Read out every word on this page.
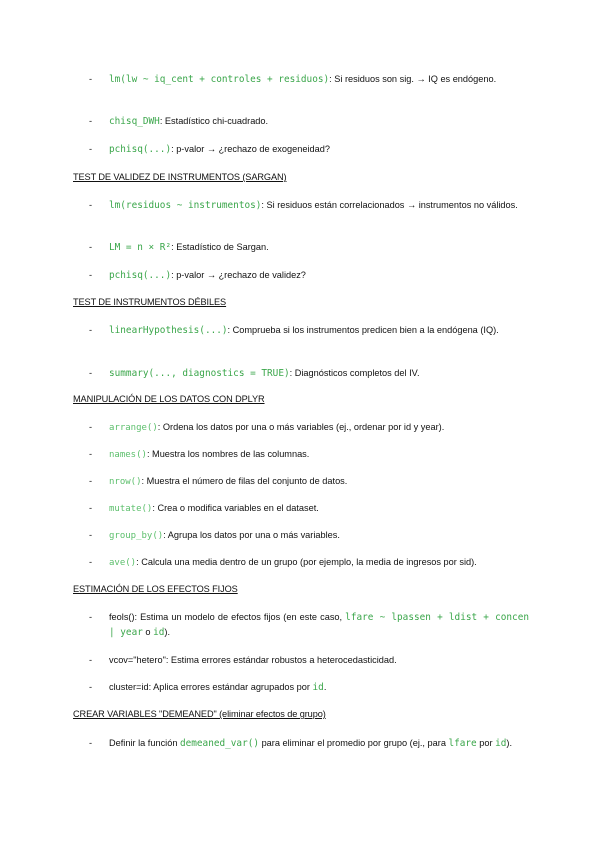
- lm(lw ~ iq_cent + controles + residuos): Si residuos son sig. → IQ es endógeno.
- chisq_DWH: Estadístico chi-cuadrado.
- pchisq(...): p-valor → ¿rechazo de exogeneidad?
TEST DE VALIDEZ DE INSTRUMENTOS (SARGAN)
- lm(residuos ~ instrumentos): Si residuos están correlacionados → instrumentos no válidos.
- LM = n × R²: Estadístico de Sargan.
- pchisq(...): p-valor → ¿rechazo de validez?
TEST DE INSTRUMENTOS DÉBILES
- linearHypothesis(...): Comprueba si los instrumentos predicen bien a la endógena (IQ).
- summary(..., diagnostics = TRUE): Diagnósticos completos del IV.
MANIPULACIÓN DE LOS DATOS CON DPLYR
- arrange(): Ordena los datos por una o más variables (ej., ordenar por id y year).
- names(): Muestra los nombres de las columnas.
- nrow(): Muestra el número de filas del conjunto de datos.
- mutate(): Crea o modifica variables en el dataset.
- group_by(): Agrupa los datos por una o más variables.
- ave(): Calcula una media dentro de un grupo (por ejemplo, la media de ingresos por sid).
ESTIMACIÓN DE LOS EFECTOS FIJOS
- feols(): Estima un modelo de efectos fijos (en este caso, lfare ~ lpassen + ldist + concen | year o id).
- vcov="hetero": Estima errores estándar robustos a heterocedasticidad.
- cluster=id: Aplica errores estándar agrupados por id.
CREAR VARIABLES "DEMEANED" (eliminar efectos de grupo)
- Definir la función demeaned_var() para eliminar el promedio por grupo (ej., para lfare por id).
